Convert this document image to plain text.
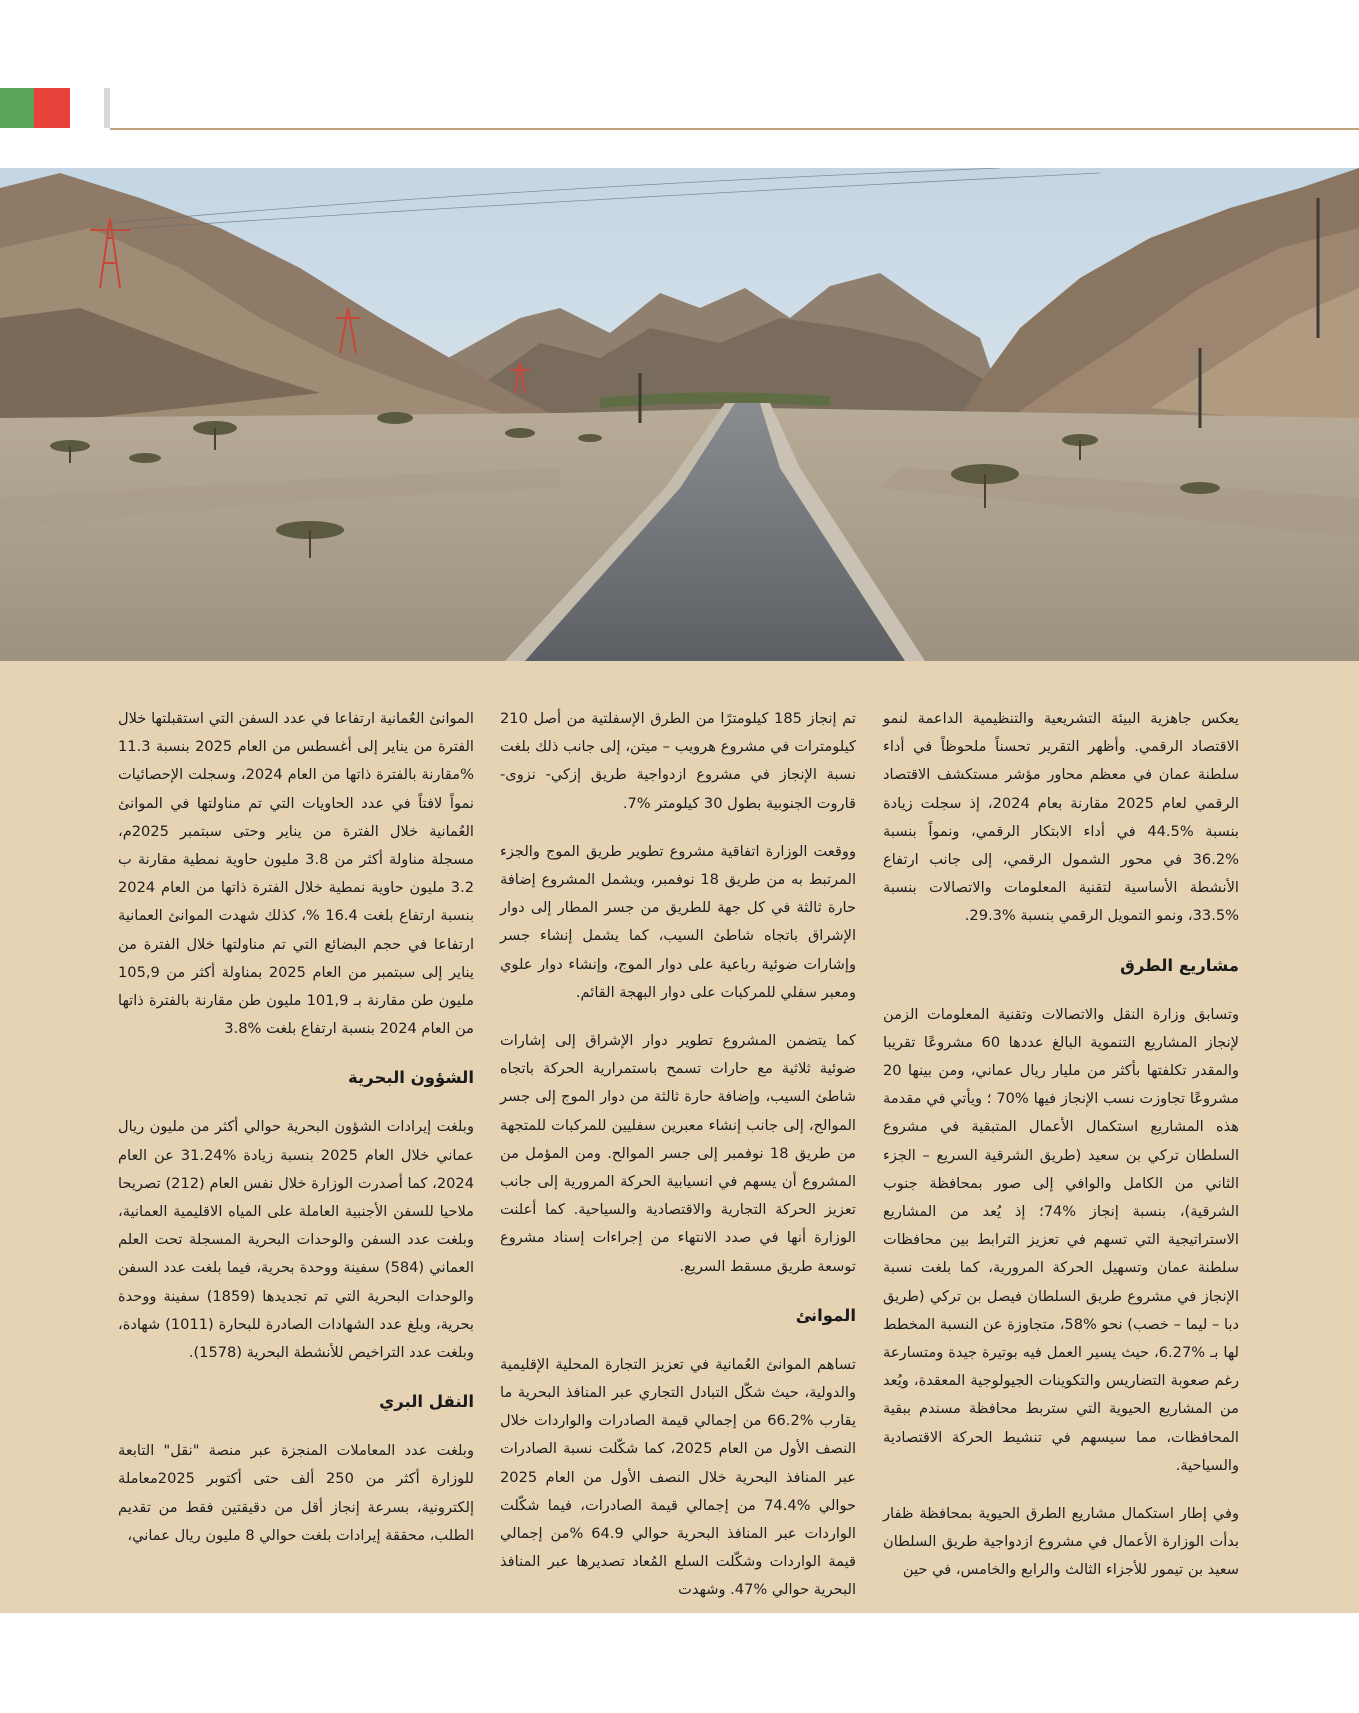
يعكس جاهزية البيئة التشريعية والتنظيمية الداعمة لنمو الاقتصاد الرقمي. وأظهر التقرير تحسناً ملحوظاً في أداء سلطنة عمان في معظم محاور مؤشر مستكشف الاقتصاد الرقمي لعام 2025 مقارنة بعام 2024، إذ سجلت زيادة بنسبة %44.5 في أداء الابتكار الرقمي، ونمواً بنسبة %36.2 في محور الشمول الرقمي، إلى جانب ارتفاع الأنشطة الأساسية لتقنية المعلومات والاتصالات بنسبة %33.5، ونمو التمويل الرقمي بنسبة %29.3.

مشاريع الطرق

وتسابق وزارة النقل والاتصالات وتقنية المعلومات الزمن لإنجاز المشاريع التنموية البالغ عددها 60 مشروعًا تقريبا والمقدر تكلفتها بأكثر من مليار ريال عماني، ومن بينها 20 مشروعًا تجاوزت نسب الإنجاز فيها %70 ؛ ويأتي في مقدمة هذه المشاريع استكمال الأعمال المتبقية في مشروع السلطان تركي بن سعيد (طريق الشرقية السريع – الجزء الثاني من الكامل والوافي إلى صور بمحافظة جنوب الشرقية)، بنسبة إنجاز %74؛ إذ يُعد من المشاريع الاستراتيجية التي تسهم في تعزيز الترابط بين محافظات سلطنة عمان وتسهيل الحركة المرورية، كما بلغت نسبة الإنجاز في مشروع طريق السلطان فيصل بن تركي (طريق دبا – ليما – خصب) نحو %58، متجاوزة عن النسبة المخطط لها بـ %6.27، حيث يسير العمل فيه بوتيرة جيدة ومتسارعة رغم صعوبة التضاريس والتكوينات الجيولوجية المعقدة، ويُعد من المشاريع الحيوية التي ستربط محافظة مسندم ببقية المحافظات، مما سيسهم في تنشيط الحركة الاقتصادية والسياحية.

وفي إطار استكمال مشاريع الطرق الحيوية بمحافظة ظفار بدأت الوزارة الأعمال في مشروع ازدواجية طريق السلطان سعيد بن تيمور للأجزاء الثالث والرابع والخامس، في حين

تم إنجاز 185 كيلومترًا من الطرق الإسفلتية من أصل 210 كيلومترات في مشروع هرويب – ميتن، إلى جانب ذلك بلغت نسبة الإنجاز في مشروع ازدواجية طريق إزكي- نزوى- قاروت الجنوبية بطول 30 كيلومتر %7.

ووقعت الوزارة اتفاقية مشروع تطوير طريق الموج والجزء المرتبط به من طريق 18 نوفمبر، ويشمل المشروع إضافة حارة ثالثة في كل جهة للطريق من جسر المطار إلى دوار الإشراق باتجاه شاطئ السيب، كما يشمل إنشاء جسر وإشارات ضوئية رباعية على دوار الموج، وإنشاء دوار علوي ومعبر سفلي للمركبات على دوار البهجة القائم.

كما يتضمن المشروع تطوير دوار الإشراق إلى إشارات ضوئية ثلاثية مع حارات تسمح باستمرارية الحركة باتجاه شاطئ السيب، وإضافة حارة ثالثة من دوار الموج إلى جسر الموالح، إلى جانب إنشاء معبرين سفليين للمركبات للمتجهة من طريق 18 نوفمبر إلى جسر الموالح. ومن المؤمل من المشروع أن يسهم في انسيابية الحركة المرورية إلى جانب تعزيز الحركة التجارية والاقتصادية والسياحية. كما أعلنت الوزارة أنها في صدد الانتهاء من إجراءات إسناد مشروع توسعة طريق مسقط السريع.

الموانئ

تساهم الموانئ العُمانية في تعزيز التجارة المحلية الإقليمية والدولية، حيث شكّل التبادل التجاري عبر المنافذ البحرية ما يقارب %66.2 من إجمالي قيمة الصادرات والواردات خلال النصف الأول من العام 2025، كما شكّلت نسبة الصادرات عبر المنافذ البحرية خلال النصف الأول من العام 2025 حوالي %74.4 من إجمالي قيمة الصادرات، فيما شكّلت الواردات عبر المنافذ البحرية حوالي 64.9 %من إجمالي قيمة الواردات وشكّلت السلع المُعاد تصديرها عبر المنافذ البحرية حوالي %47. وشهدت

الموانئ العُمانية ارتفاعا في عدد السفن التي استقبلتها خلال الفترة من يناير إلى أغسطس من العام 2025 بنسبة 11.3 %مقارنة بالفترة ذاتها من العام 2024، وسجلت الإحصائيات نمواً لافتاً في عدد الحاويات التي تم مناولتها في الموانئ العُمانية خلال الفترة من يناير وحتى سبتمبر 2025م، مسجلة مناولة أكثر من 3.8 مليون حاوية نمطية مقارنة ب 3.2 مليون حاوية نمطية خلال الفترة ذاتها من العام 2024 بنسبة ارتفاع بلغت 16.4 %، كذلك شهدت الموانئ العمانية ارتفاعا في حجم البضائع التي تم مناولتها خلال الفترة من يناير إلى سبتمبر من العام 2025 بمناولة أكثر من 105,9 مليون طن مقارنة بـ 101,9 مليون طن مقارنة بالفترة ذاتها من العام 2024 بنسبة ارتفاع بلغت %3.8

الشؤون البحرية

وبلغت إيرادات الشؤون البحرية حوالي أكثر من مليون ريال عماني خلال العام 2025 بنسبة زيادة %31.24 عن العام 2024، كما أصدرت الوزارة خلال نفس العام (212) تصريحا ملاحيا للسفن الأجنبية العاملة على المياه الاقليمية العمانية، وبلغت عدد السفن والوحدات البحرية المسجلة تحت العلم العماني (584) سفينة ووحدة بحرية، فيما بلغت عدد السفن والوحدات البحرية التي تم تجديدها (1859) سفينة ووحدة بحرية، وبلغ عدد الشهادات الصادرة للبحارة (1011) شهادة، وبلغت عدد التراخيص للأنشطة البحرية (1578).

النقل البري

وبلغت عدد المعاملات المنجزة عبر منصة "نقل" التابعة للوزارة أكثر من 250 ألف حتى أكتوبر 2025معاملة إلكترونية، بسرعة إنجاز أقل من دقيقتين فقط من تقديم الطلب، محققة إيرادات بلغت حوالي 8 مليون ريال عماني،
